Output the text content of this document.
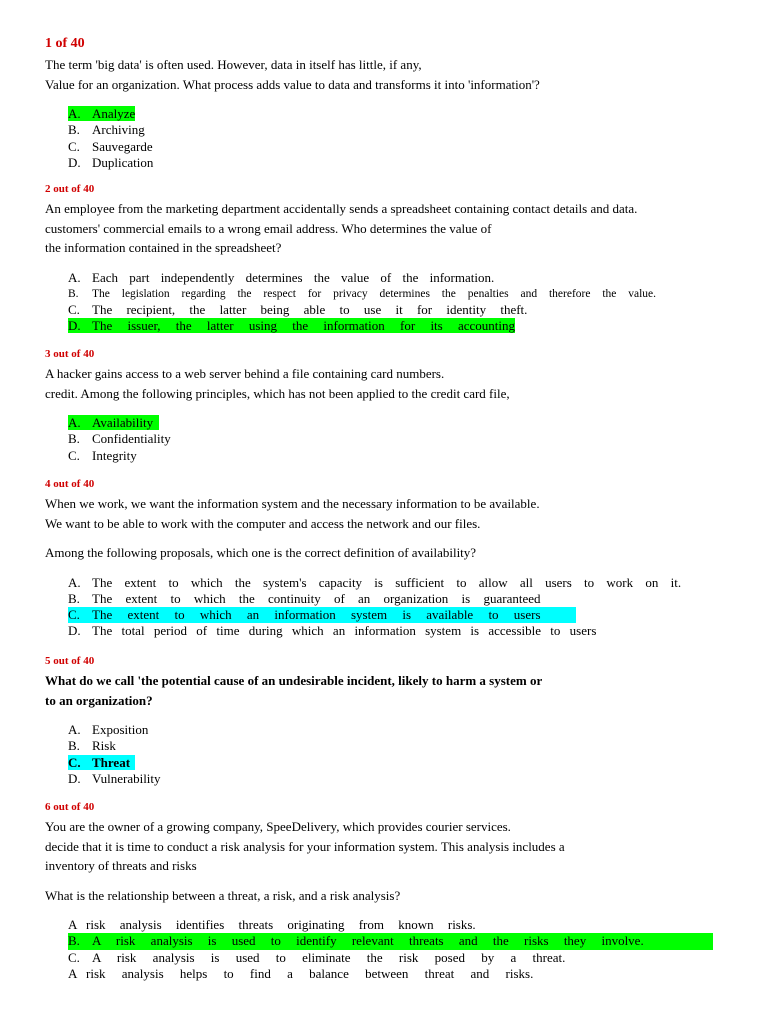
1 of 40
The term 'big data' is often used. However, data in itself has little, if any,
Value for an organization. What process adds value to data and transforms it into 'information'?
A. Analyze
B. Archiving
C. Sauvegarde
D. Duplication
2 out of 40
An employee from the marketing department accidentally sends a spreadsheet containing contact details and data.
customers' commercial emails to a wrong email address. Who determines the value of
the information contained in the spreadsheet?
A. Each part independently determines the value of the information.
B. The legislation regarding the respect for privacy determines the penalties and therefore the value.
C. The recipient, the latter being able to use it for identity theft.
D. The issuer, the latter using the information for its accounting
3 out of 40
A hacker gains access to a web server behind a file containing card numbers.
credit. Among the following principles, which has not been applied to the credit card file,
A. Availability
B. Confidentiality
C. Integrity
4 out of 40
When we work, we want the information system and the necessary information to be available.
We want to be able to work with the computer and access the network and our files.
Among the following proposals, which one is the correct definition of availability?
A. The extent to which the system's capacity is sufficient to allow all users to work on it.
B. The extent to which the continuity of an organization is guaranteed
C. The extent to which an information system is available to users
D. The total period of time during which an information system is accessible to users
5 out of 40
What do we call 'the potential cause of an undesirable incident, likely to harm a system or
to an organization?
A. Exposition
B. Risk
C. Threat
D. Vulnerability
6 out of 40
You are the owner of a growing company, SpeeDelivery, which provides courier services.
decide that it is time to conduct a risk analysis for your information system. This analysis includes a
inventory of threats and risks
What is the relationship between a threat, a risk, and a risk analysis?
A risk analysis identifies threats originating from known risks.
B. A risk analysis is used to identify relevant threats and the risks they involve.
C. A risk analysis is used to eliminate the risk posed by a threat.
A risk analysis helps to find a balance between threat and risks.
